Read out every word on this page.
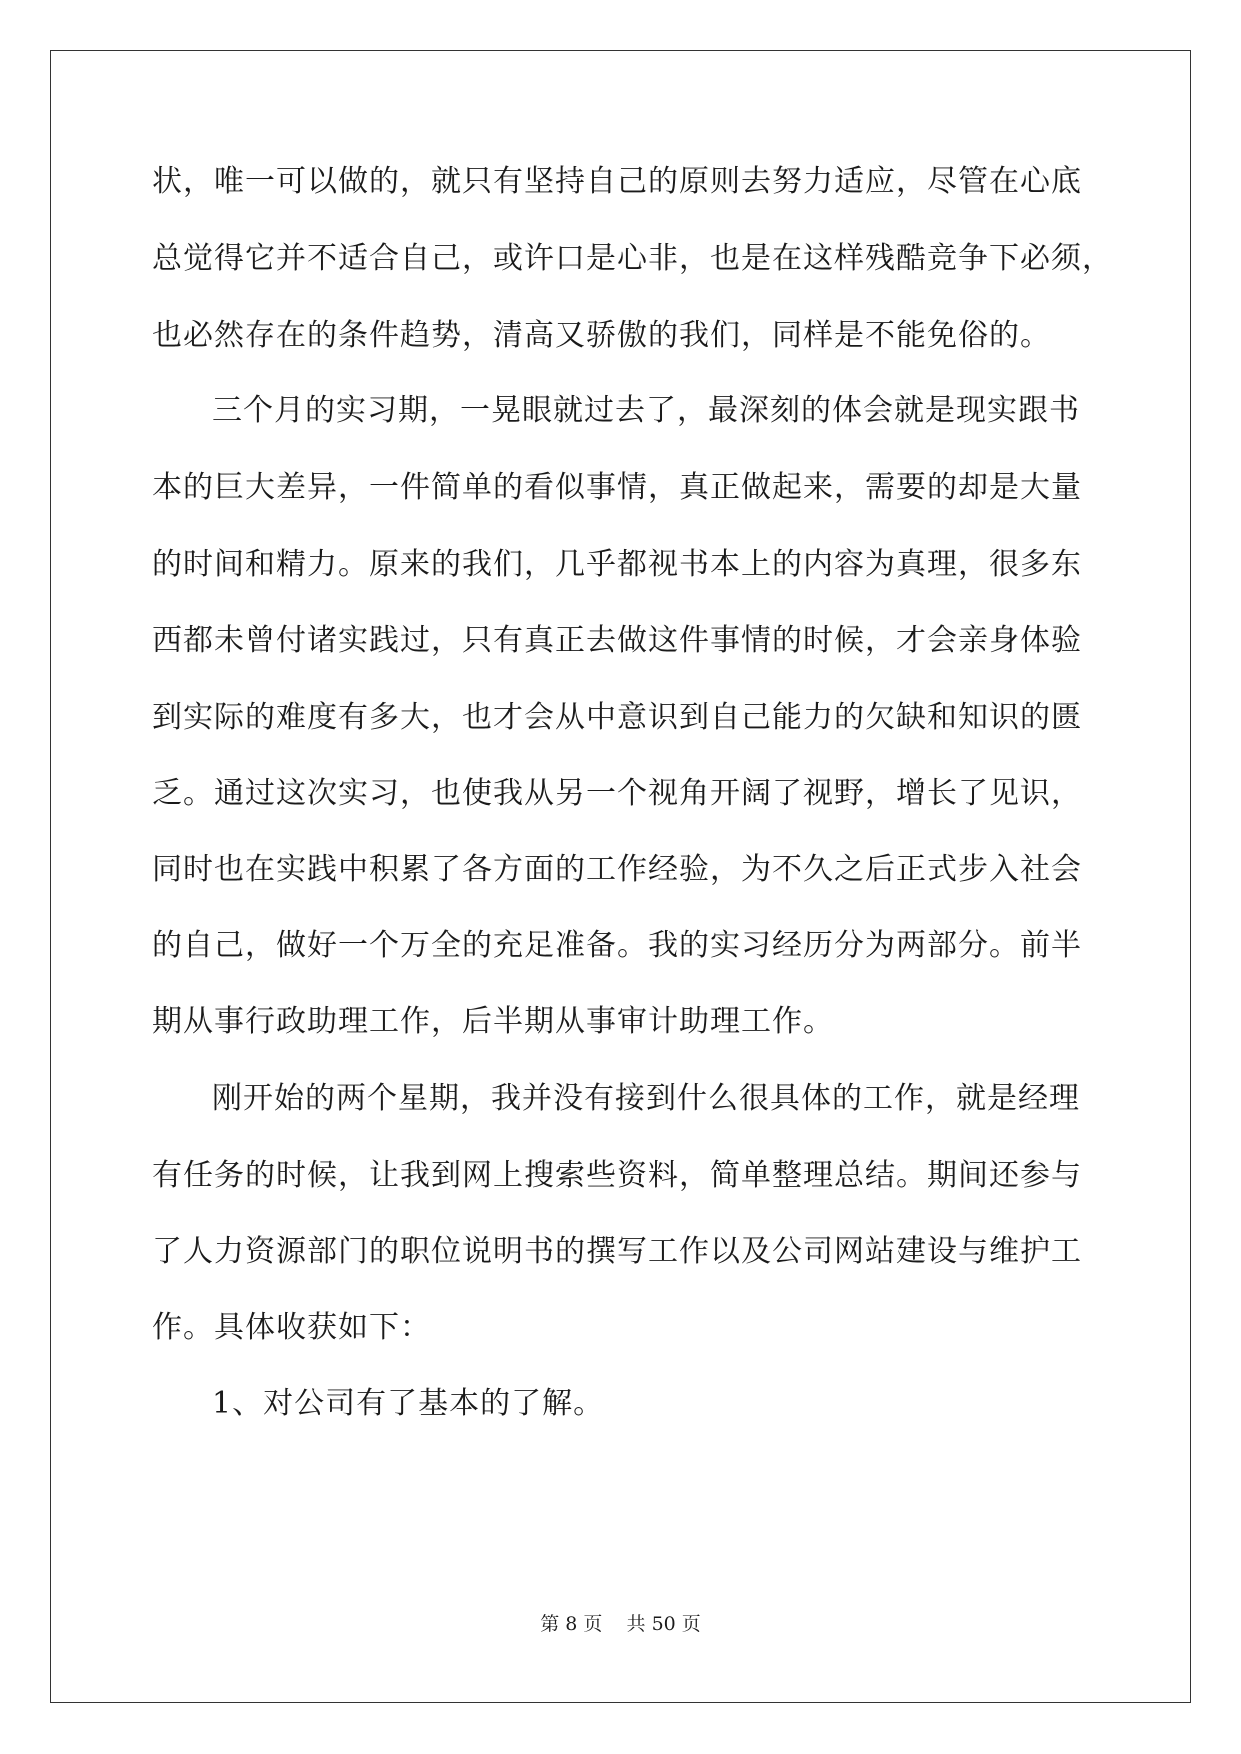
状，唯一可以做的，就只有坚持自己的原则去努力适应，尽管在心底
总觉得它并不适合自己，或许口是心非，也是在这样残酷竞争下必须，
也必然存在的条件趋势，清高又骄傲的我们，同样是不能免俗的。
三个月的实习期，一晃眼就过去了，最深刻的体会就是现实跟书
本的巨大差异，一件简单的看似事情，真正做起来，需要的却是大量
的时间和精力。原来的我们，几乎都视书本上的内容为真理，很多东
西都未曾付诸实践过，只有真正去做这件事情的时候，才会亲身体验
到实际的难度有多大，也才会从中意识到自己能力的欠缺和知识的匮
乏。通过这次实习，也使我从另一个视角开阔了视野，增长了见识，
同时也在实践中积累了各方面的工作经验，为不久之后正式步入社会
的自己，做好一个万全的充足准备。我的实习经历分为两部分。前半
期从事行政助理工作，后半期从事审计助理工作。
刚开始的两个星期，我并没有接到什么很具体的工作，就是经理
有任务的时候，让我到网上搜索些资料，简单整理总结。期间还参与
了人力资源部门的职位说明书的撰写工作以及公司网站建设与维护工
作。具体收获如下：
1、对公司有了基本的了解。
第 8 页    共 50 页
